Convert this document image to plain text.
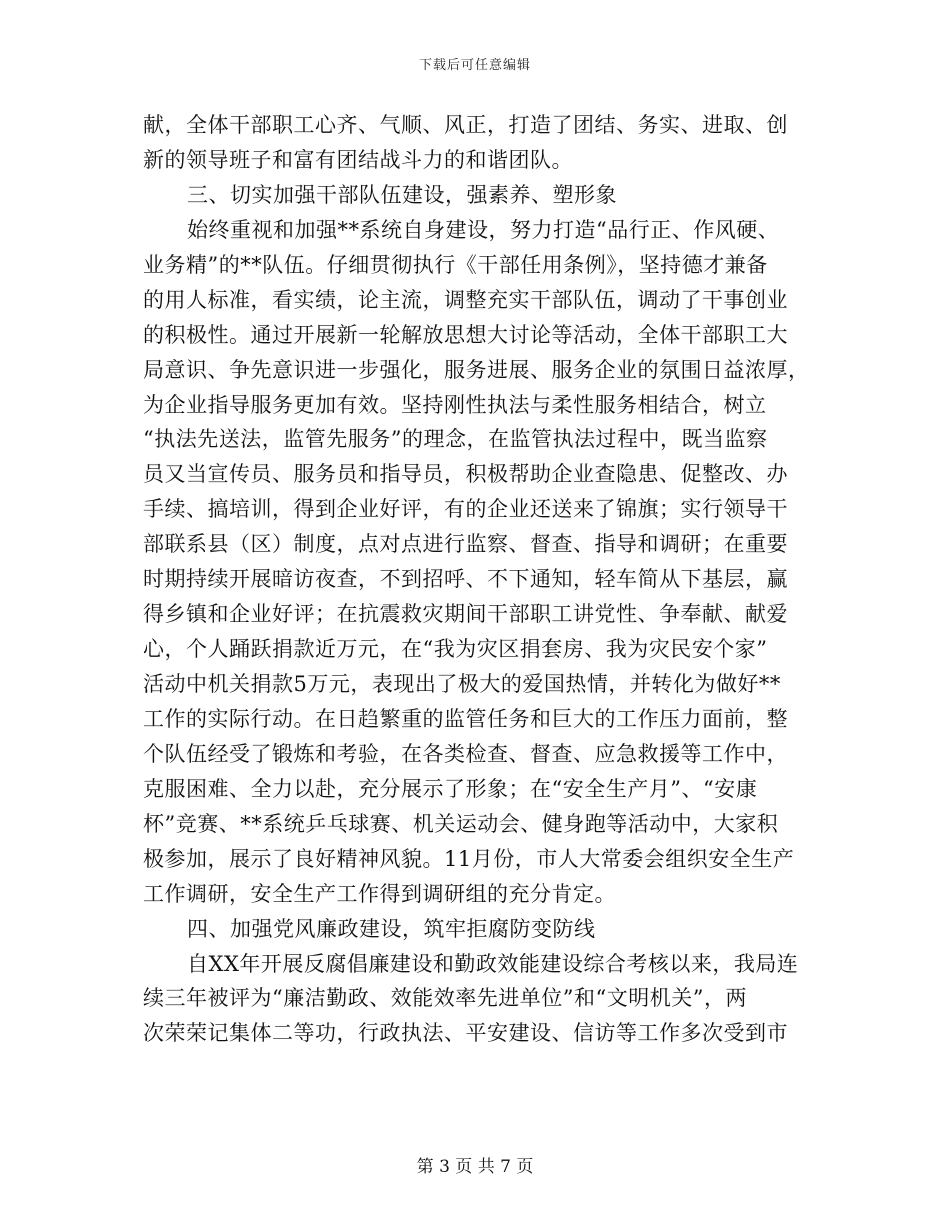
下载后可任意编辑
献，全体干部职工心齐、气顺、风正，打造了团结、务实、进取、创
新的领导班子和富有团结战斗力的和谐团队。
三、切实加强干部队伍建设，强素养、塑形象
始终重视和加强**系统自身建设，努力打造“品行正、作风硬、
业务精”的**队伍。仔细贯彻执行《干部任用条例》，坚持德才兼备
的用人标准，看实绩，论主流，调整充实干部队伍，调动了干事创业
的积极性。通过开展新一轮解放思想大讨论等活动，全体干部职工大
局意识、争先意识进一步强化，服务进展、服务企业的氛围日益浓厚，
为企业指导服务更加有效。坚持刚性执法与柔性服务相结合，树立
“执法先送法，监管先服务”的理念，在监管执法过程中，既当监察
员又当宣传员、服务员和指导员，积极帮助企业查隐患、促整改、办
手续、搞培训，得到企业好评，有的企业还送来了锦旗；实行领导干
部联系县（区）制度，点对点进行监察、督查、指导和调研；在重要
时期持续开展暗访夜查，不到招呼、不下通知，轻车简从下基层，赢
得乡镇和企业好评；在抗震救灾期间干部职工讲党性、争奉献、献爱
心，个人踊跃捐款近万元，在“我为灾区捐套房、我为灾民安个家”
活动中机关捐款5万元，表现出了极大的爱国热情，并转化为做好**
工作的实际行动。在日趋繁重的监管任务和巨大的工作压力面前，整
个队伍经受了锻炼和考验，在各类检查、督查、应急救援等工作中，
克服困难、全力以赴，充分展示了形象；在“安全生产月”、“安康
杯”竞赛、**系统乒乓球赛、机关运动会、健身跑等活动中，大家积
极参加，展示了良好精神风貌。11月份，市人大常委会组织安全生产
工作调研，安全生产工作得到调研组的充分肯定。
四、加强党风廉政建设，筑牢拒腐防变防线
自XX年开展反腐倡廉建设和勤政效能建设综合考核以来，我局连
续三年被评为“廉洁勤政、效能效率先进单位”和“文明机关”，两
次荣荣记集体二等功，行政执法、平安建设、信访等工作多次受到市
第 3 页 共 7 页
